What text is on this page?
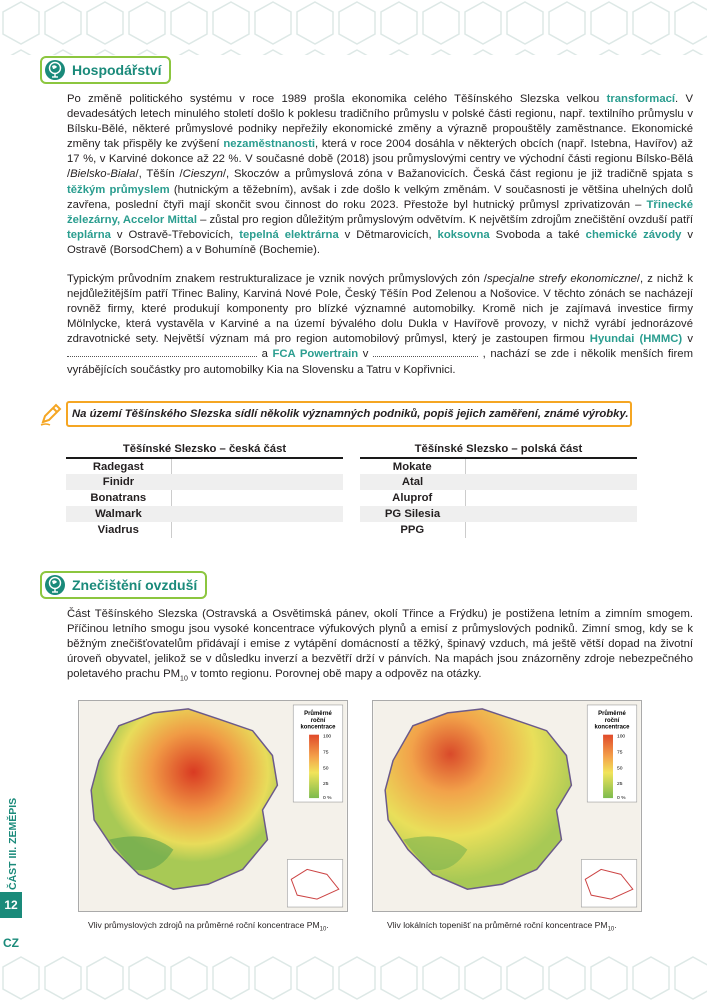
Hospodářství

Po změně politického systému v roce 1989 prošla ekonomika celého Těšínského Slezska velkou transformací. V devadesátých letech minulého století došlo k poklesu tradičního průmyslu v polské části regionu, např. textilního průmyslu v Bílsku-Bělé, některé průmyslové podniky nepřežily ekonomické změny a výrazně propouštěly zaměstnance. Ekonomické změny tak přispěly ke zvýšení nezaměstnanosti, která v roce 2004 dosáhla v některých obcích (např. Istebna, Havířov) až 17 %, v Karviné dokonce až 22 %. V současné době (2018) jsou průmyslovými centry ve východní části regionu Bílsko-Bělá /Bielsko-Biała/, Těšín /Cieszyn/, Skoczów a průmyslová zóna v Bažanovicích. Česká část regionu je již tradičně spjata s těžkým průmyslem (hutnickým a těžebním), avšak i zde došlo k velkým změnám. V současnosti je většina uhelných dolů zavřena, poslední čtyři mají skončit svou činnost do roku 2023. Přestože byl hutnický průmysl zprivatizován – Třinecké železárny, Accelor Mittal – zůstal pro region důležitým průmyslovým odvětvím. K největším zdrojům znečištění ovzduší patří teplárna v Ostravě-Třebovicích, tepelná elektrárna v Dětmarovicích, koksovna Svoboda a také chemické závody v Ostravě (BorsodChem) a v Bohumíně (Bochemie).

Typickým průvodním znakem restrukturalizace je vznik nových průmyslových zón /specjalne strefy ekonomiczne/, z nichž k nejdůležitějším patří Třinec Baliny, Karviná Nové Pole, Český Těšín Pod Zelenou a Nošovice. V těchto zónách se nacházejí rovněž firmy, které produkují komponenty pro blízké významné automobilky. Kromě nich je zajímavá investice firmy Mölnlycke, která vystavěla v Karviné a na území bývalého dolu Dukla v Havířově provozy, v nichž vyrábí jednorázové zdravotnické sety. Největší význam má pro region automobilový průmysl, který je zastoupen firmou Hyundai (HMMC) v  a FCA Powertrain v	, nachází se zde i několik menších firem vyrábějících součástky pro automobilky Kia na Slovensku a Tatru v Kopřivnici.

Na území Těšínského Slezska sídlí několik významných podniků, popiš jejich zaměření, známé výrobky.
Těšínské Slezsko – česká část	
Radegast	
Finidr	
Bonatrans	
Walmark	
Viadrus	
Těšínské Slezsko – polská část	
Mokate	
Atal	
Aluprof	
PG Silesia	
PPG	
Znečištění ovzduší

Část Těšínského Slezska (Ostravská a Osvětimská pánev, okolí Třince a Frýdku) je postižena letním a zimním smogem. Příčinou letního smogu jsou vysoké koncentrace výfukových plynů a emisí z průmyslových podniků. Zimní smog, kdy se k běžným znečišťovatelům přidávají i emise z vytápění domácností a těžký, špinavý vzduch, má ještě větší dopad na životní úroveň obyvatel, jelikož se v důsledku inverzí a bezvětří drží v pánvích. Na mapách jsou znázorněny zdroje nebezpečného poletavého prachu $PM_{10}$ v tomto regionu. Porovnej obě mapy a odpověz na otázky.

Průměrné
roční
koncentrace
100
75
50
25
0 %
Průměrné
roční
koncentrace
100
75
50
25
0 %
Vliv průmyslových zdrojů na průměrné roční koncentrace $PM_{10}$.	Vliv lokálních topenišť na průměrné roční koncentrace $PM_{10}$.
ČÁST III. ZEMĚPIS
12
CZ
